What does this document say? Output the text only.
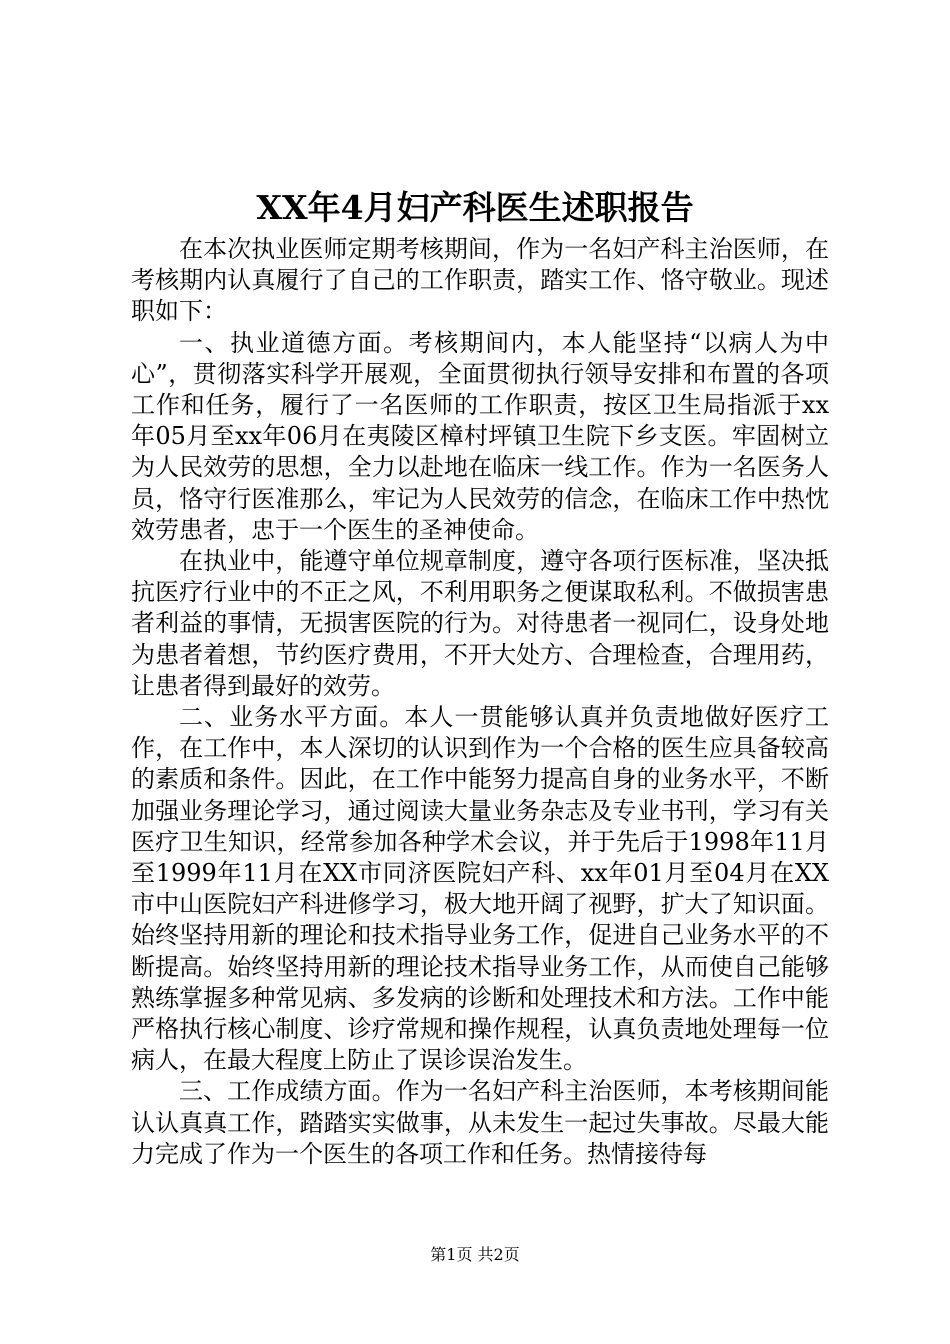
XX年4月妇产科医生述职报告

在本次执业医师定期考核期间，作为一名妇产科主治医师，在考核期内认真履行了自己的工作职责，踏实工作、恪守敬业。现述职如下：

一、执业道德方面。考核期间内，本人能坚持“以病人为中心”，贯彻落实科学开展观，全面贯彻执行领导安排和布置的各项工作和任务，履行了一名医师的工作职责，按区卫生局指派于xx年05月至xx年06月在夷陵区樟村坪镇卫生院下乡支医。牢固树立为人民效劳的思想，全力以赴地在临床一线工作。作为一名医务人员，恪守行医准那么，牢记为人民效劳的信念，在临床工作中热忱效劳患者，忠于一个医生的圣神使命。

在执业中，能遵守单位规章制度，遵守各项行医标准，坚决抵抗医疗行业中的不正之风，不利用职务之便谋取私利。不做损害患者利益的事情，无损害医院的行为。对待患者一视同仁，设身处地为患者着想，节约医疗费用，不开大处方、合理检查，合理用药，让患者得到最好的效劳。

二、业务水平方面。本人一贯能够认真并负责地做好医疗工作，在工作中，本人深切的认识到作为一个合格的医生应具备较高的素质和条件。因此，在工作中能努力提高自身的业务水平，不断加强业务理论学习，通过阅读大量业务杂志及专业书刊，学习有关医疗卫生知识，经常参加各种学术会议，并于先后于1998年11月至1999年11月在XX市同济医院妇产科、xx年01月至04月在XX市中山医院妇产科进修学习，极大地开阔了视野，扩大了知识面。始终坚持用新的理论和技术指导业务工作，促进自己业务水平的不断提高。始终坚持用新的理论技术指导业务工作，从而使自己能够熟练掌握多种常见病、多发病的诊断和处理技术和方法。工作中能严格执行核心制度、诊疗常规和操作规程，认真负责地处理每一位病人，在最大程度上防止了误诊误治发生。

三、工作成绩方面。作为一名妇产科主治医师，本考核期间能认认真真工作，踏踏实实做事，从未发生一起过失事故。尽最大能力完成了作为一个医生的各项工作和任务。热情接待每

第1页 共2页
